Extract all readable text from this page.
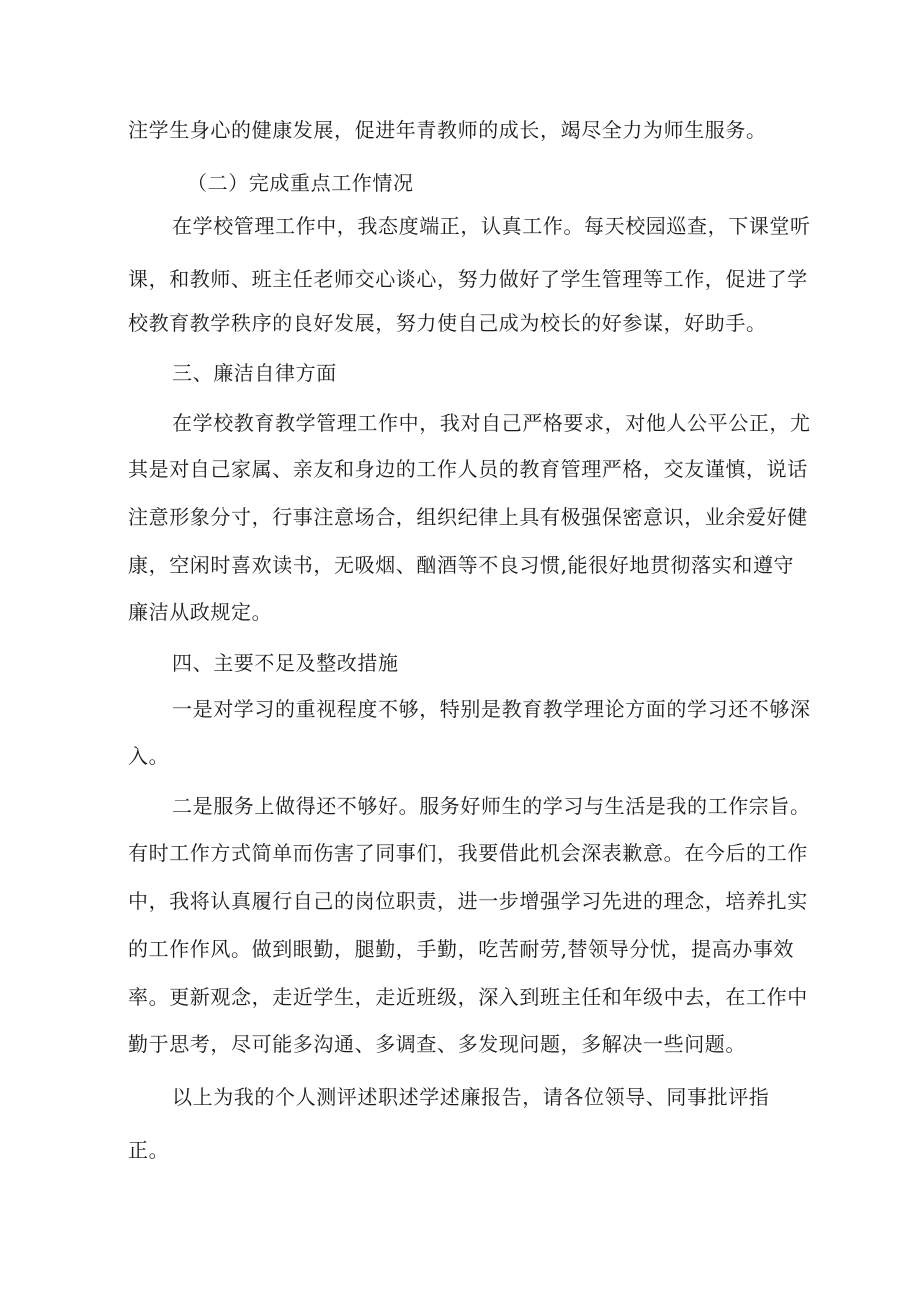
注学生身心的健康发展，促进年青教师的成长，竭尽全力为师生服务。
（二）完成重点工作情况
在学校管理工作中，我态度端正，认真工作。每天校园巡查，下课堂听
课，和教师、班主任老师交心谈心，努力做好了学生管理等工作，促进了学
校教育教学秩序的良好发展，努力使自己成为校长的好参谋，好助手。
三、廉洁自律方面
在学校教育教学管理工作中，我对自己严格要求，对他人公平公正，尤
其是对自己家属、亲友和身边的工作人员的教育管理严格，交友谨慎，说话
注意形象分寸，行事注意场合，组织纪律上具有极强保密意识，业余爱好健
康，空闲时喜欢读书，无吸烟、酗酒等不良习惯,能很好地贯彻落实和遵守
廉洁从政规定。
四、主要不足及整改措施
一是对学习的重视程度不够，特别是教育教学理论方面的学习还不够深
入。
二是服务上做得还不够好。服务好师生的学习与生活是我的工作宗旨。
有时工作方式简单而伤害了同事们，我要借此机会深表歉意。在今后的工作
中，我将认真履行自己的岗位职责，进一步增强学习先进的理念，培养扎实
的工作作风。做到眼勤，腿勤，手勤，吃苦耐劳,替领导分忧，提高办事效
率。更新观念，走近学生，走近班级，深入到班主任和年级中去，在工作中
勤于思考，尽可能多沟通、多调查、多发现问题，多解决一些问题。
以上为我的个人测评述职述学述廉报告，请各位领导、同事批评指
正。
